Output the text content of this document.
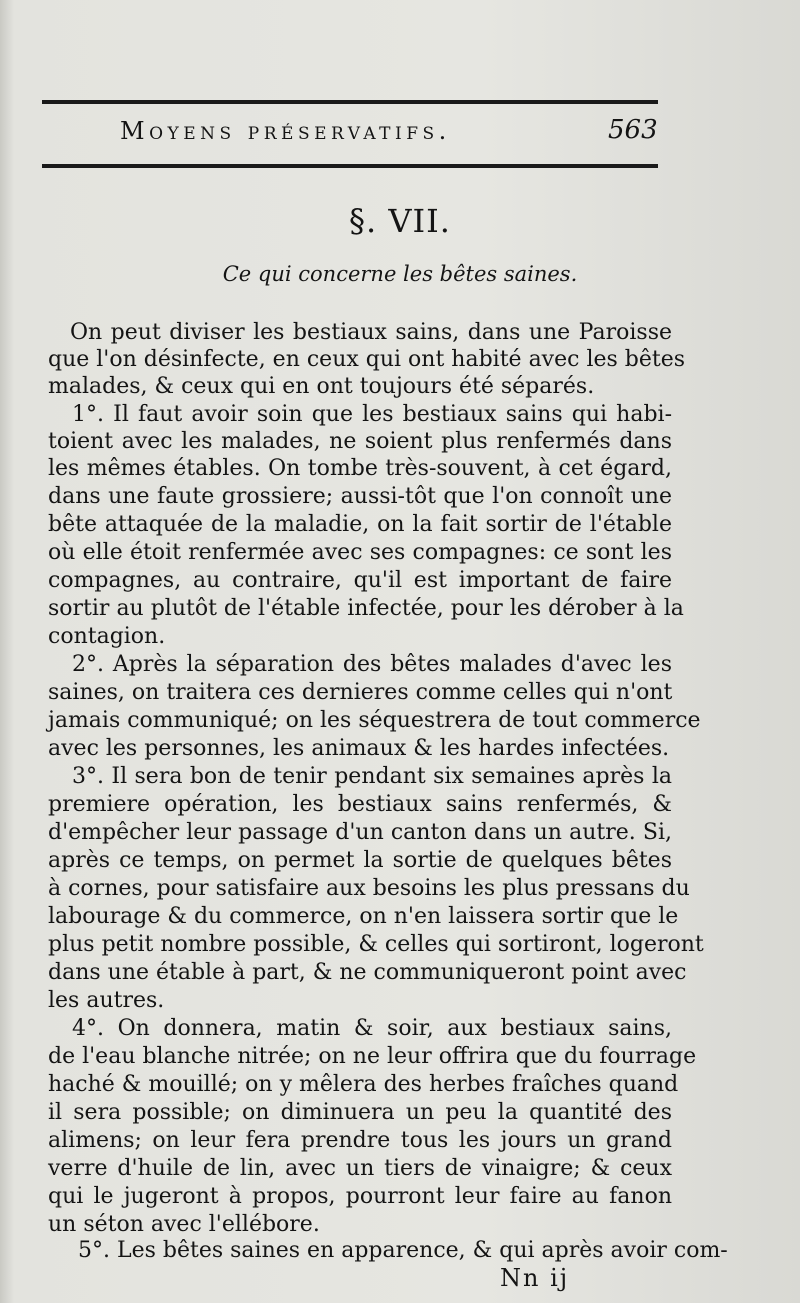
Moyens préservatifs.	563
§. VII.
Ce qui concerne les bêtes saines.
On peut diviser les bestiaux sains, dans une Paroisse
que l'on désinfecte, en ceux qui ont habité avec les bêtes
malades, & ceux qui en ont toujours été séparés.
1°. Il faut avoir soin que les bestiaux sains qui habi-
toient avec les malades, ne soient plus renfermés dans
les mêmes étables. On tombe très-souvent, à cet égard,
dans une faute grossiere; aussi-tôt que l'on connoît une
bête attaquée de la maladie, on la fait sortir de l'étable
où elle étoit renfermée avec ses compagnes: ce sont les
compagnes, au contraire, qu'il est important de faire
sortir au plutôt de l'étable infectée, pour les dérober à la
contagion.
2°. Après la séparation des bêtes malades d'avec les
saines, on traitera ces dernieres comme celles qui n'ont
jamais communiqué; on les séquestrera de tout commerce
avec les personnes, les animaux & les hardes infectées.
3°. Il sera bon de tenir pendant six semaines après la
premiere opération, les bestiaux sains renfermés, &
d'empêcher leur passage d'un canton dans un autre. Si,
après ce temps, on permet la sortie de quelques bêtes
à cornes, pour satisfaire aux besoins les plus pressans du
labourage & du commerce, on n'en laissera sortir que le
plus petit nombre possible, & celles qui sortiront, logeront
dans une étable à part, & ne communiqueront point avec
les autres.
4°. On donnera, matin & soir, aux bestiaux sains,
de l'eau blanche nitrée; on ne leur offrira que du fourrage
haché & mouillé; on y mêlera des herbes fraîches quand
il sera possible; on diminuera un peu la quantité des
alimens; on leur fera prendre tous les jours un grand
verre d'huile de lin, avec un tiers de vinaigre; & ceux
qui le jugeront à propos, pourront leur faire au fanon
un séton avec l'ellébore.
5°. Les bêtes saines en apparence, & qui après avoir com-
Nn ij
